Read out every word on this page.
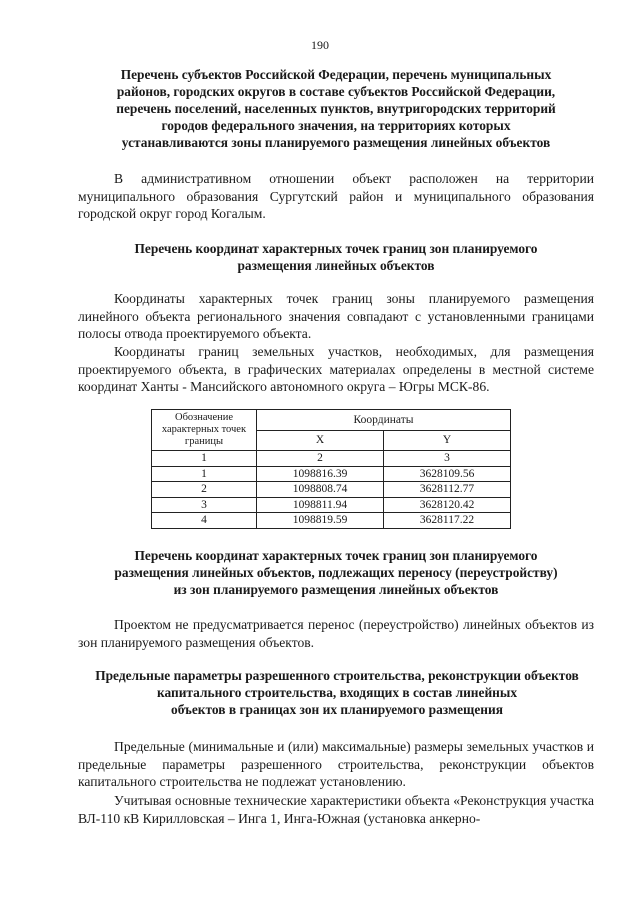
190
Перечень субъектов Российской Федерации, перечень муниципальных
районов, городских округов в составе субъектов Российской Федерации,
перечень поселений, населенных пунктов, внутригородских территорий
городов федерального значения, на территориях которых
устанавливаются зоны планируемого размещения линейных объектов
В административном отношении объект расположен на территории муниципального образования Сургутский район и муниципального образования городской округ город Когалым.
Перечень координат характерных точек границ зон планируемого
размещения линейных объектов
Координаты характерных точек границ зоны планируемого размещения линейного объекта регионального значения совпадают с установленными границами полосы отвода проектируемого объекта.
Координаты границ земельных участков, необходимых, для размещения проектируемого объекта, в графических материалах определены в местной системе координат Ханты - Мансийского автономного округа – Югры МСК-86.
Обозначение характерных точек границы	Координаты	
	X	Y
1	2	3
1	1098816.39	3628109.56
2	1098808.74	3628112.77
3	1098811.94	3628120.42
4	1098819.59	3628117.22
Перечень координат характерных точек границ зон планируемого
размещения линейных объектов, подлежащих переносу (переустройству)
из зон планируемого размещения линейных объектов
Проектом не предусматривается перенос (переустройство) линейных объектов из зон планируемого размещения объектов.
Предельные параметры разрешенного строительства, реконструкции объектов капитального строительства, входящих в состав линейных
объектов в границах зон их планируемого размещения
Предельные (минимальные и (или) максимальные) размеры земельных участков и предельные параметры разрешенного строительства, реконструкции объектов капитального строительства не подлежат установлению.
Учитывая основные технические характеристики объекта «Реконструкция участка ВЛ-110 кВ Кирилловская – Инга 1, Инга-Южная (установка анкерно-
